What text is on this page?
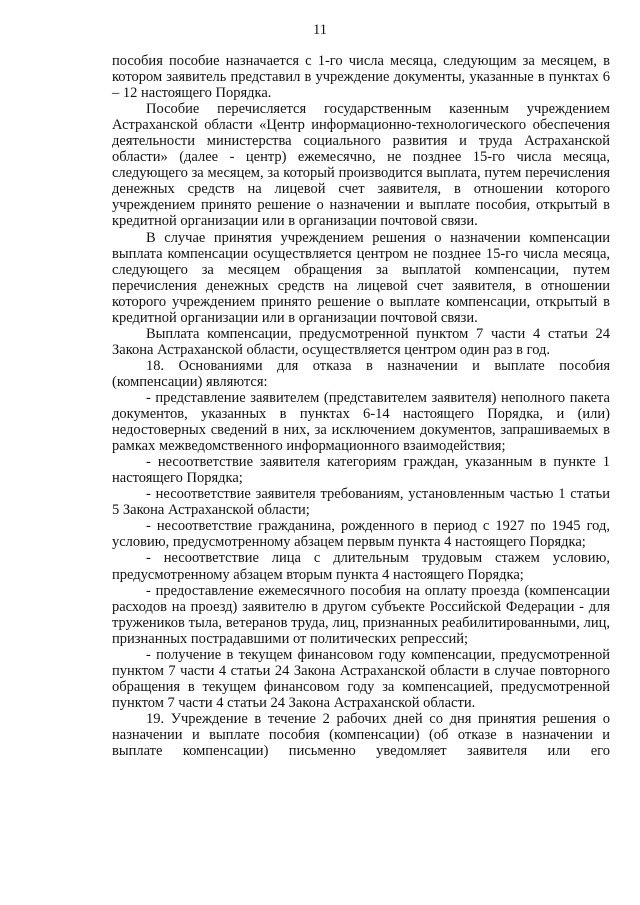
11

пособия пособие назначается с 1-го числа месяца, следующим за месяцем, в котором заявитель представил в учреждение документы, указанные в пунктах 6 – 12 настоящего Порядка.

Пособие перечисляется государственным казенным учреждением Астраханской области «Центр информационно-технологического обеспечения деятельности министерства социального развития и труда Астраханской области» (далее - центр) ежемесячно, не позднее 15-го числа месяца, следующего за месяцем, за который производится выплата, путем перечисления денежных средств на лицевой счет заявителя, в отношении которого учреждением принято решение о назначении и выплате пособия, открытый в кредитной организации или в организации почтовой связи.

В случае принятия учреждением решения о назначении компенсации выплата компенсации осуществляется центром не позднее 15-го числа месяца, следующего за месяцем обращения за выплатой компенсации, путем перечисления денежных средств на лицевой счет заявителя, в отношении которого учреждением принято решение о выплате компенсации, открытый в кредитной организации или в организации почтовой связи.

Выплата компенсации, предусмотренной пунктом 7 части 4 статьи 24 Закона Астраханской области, осуществляется центром один раз в год.

18. Основаниями для отказа в назначении и выплате пособия (компенсации) являются:

- представление заявителем (представителем заявителя) неполного пакета документов, указанных в пунктах 6-14 настоящего Порядка, и (или) недостоверных сведений в них, за исключением документов, запрашиваемых в рамках межведомственного информационного взаимодействия;

- несоответствие заявителя категориям граждан, указанным в пункте 1 настоящего Порядка;

- несоответствие заявителя требованиям, установленным частью 1 статьи 5 Закона Астраханской области;

- несоответствие гражданина, рожденного в период с 1927 по 1945 год, условию, предусмотренному абзацем первым пункта 4 настоящего Порядка;

- несоответствие лица с длительным трудовым стажем условию, предусмотренному абзацем вторым пункта 4 настоящего Порядка;

- предоставление ежемесячного пособия на оплату проезда (компенсации расходов на проезд) заявителю в другом субъекте Российской Федерации - для тружеников тыла, ветеранов труда, лиц, признанных реабилитированными, лиц, признанных пострадавшими от политических репрессий;

- получение в текущем финансовом году компенсации, предусмотренной пунктом 7 части 4 статьи 24 Закона Астраханской области в случае повторного обращения в текущем финансовом году за компенсацией, предусмотренной пунктом 7 части 4 статьи 24 Закона Астраханской области.

19. Учреждение в течение 2 рабочих дней со дня принятия решения о назначении и выплате пособия (компенсации) (об отказе в назначении и выплате компенсации) письменно уведомляет заявителя или его
